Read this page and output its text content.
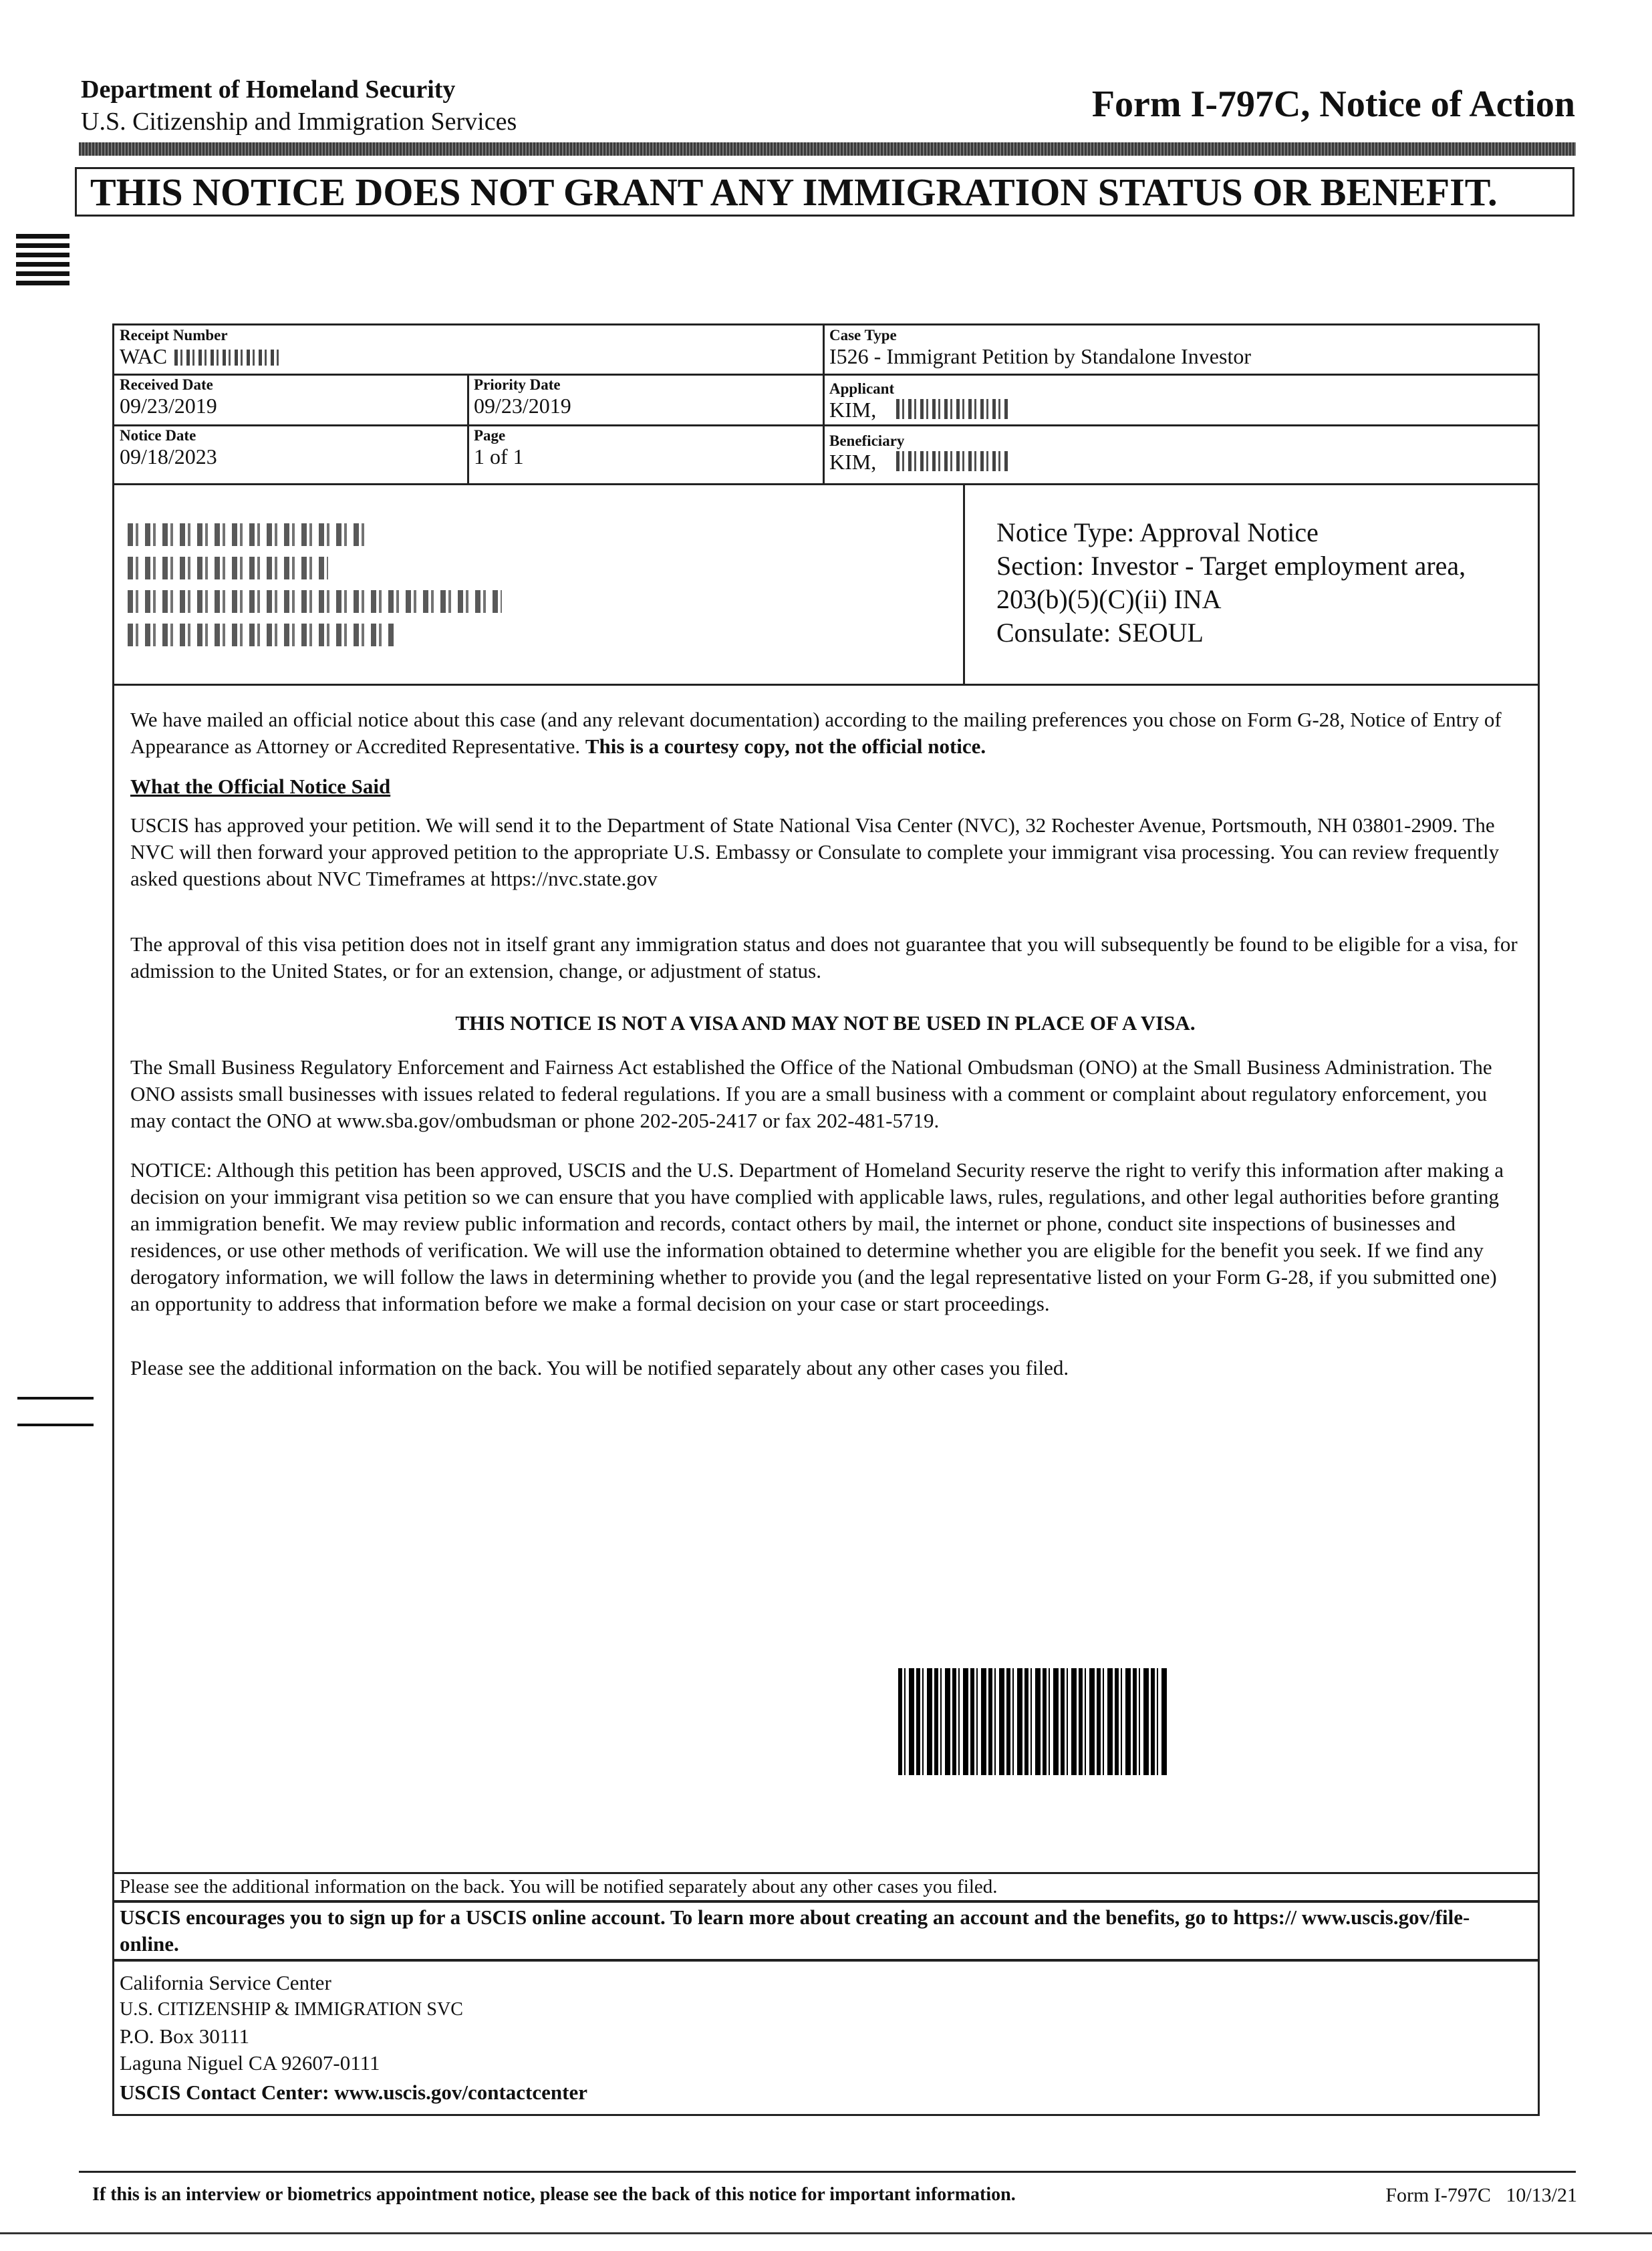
Department of Homeland Security
U.S. Citizenship and Immigration Services	Form I-797C, Notice of Action
THIS NOTICE DOES NOT GRANT ANY IMMIGRATION STATUS OR BENEFIT.
Receipt Number
WAC
Case Type
I526 - Immigrant Petition by Standalone Investor
Received Date
09/23/2019
Priority Date
09/23/2019
Applicant
KIM,
Notice Date
09/18/2023
Page
1 of 1
Beneficiary
KIM,
Notice Type: Approval Notice
Section: Investor - Target employment area,
203(b)(5)(C)(ii) INA
Consulate: SEOUL
We have mailed an official notice about this case (and any relevant documentation) according to the mailing preferences you chose on Form G-28, Notice of Entry of Appearance as Attorney or Accredited Representative. This is a courtesy copy, not the official notice.
What the Official Notice Said
USCIS has approved your petition. We will send it to the Department of State National Visa Center (NVC), 32 Rochester Avenue, Portsmouth, NH 03801-2909. The NVC will then forward your approved petition to the appropriate U.S. Embassy or Consulate to complete your immigrant visa processing. You can review frequently asked questions about NVC Timeframes at https://nvc.state.gov
The approval of this visa petition does not in itself grant any immigration status and does not guarantee that you will subsequently be found to be eligible for a visa, for admission to the United States, or for an extension, change, or adjustment of status.
THIS NOTICE IS NOT A VISA AND MAY NOT BE USED IN PLACE OF A VISA.
The Small Business Regulatory Enforcement and Fairness Act established the Office of the National Ombudsman (ONO) at the Small Business Administration. The ONO assists small businesses with issues related to federal regulations. If you are a small business with a comment or complaint about regulatory enforcement, you may contact the ONO at www.sba.gov/ombudsman or phone 202-205-2417 or fax 202-481-5719.
NOTICE: Although this petition has been approved, USCIS and the U.S. Department of Homeland Security reserve the right to verify this information after making a decision on your immigrant visa petition so we can ensure that you have complied with applicable laws, rules, regulations, and other legal authorities before granting an immigration benefit. We may review public information and records, contact others by mail, the internet or phone, conduct site inspections of businesses and residences, or use other methods of verification. We will use the information obtained to determine whether you are eligible for the benefit you seek. If we find any derogatory information, we will follow the laws in determining whether to provide you (and the legal representative listed on your Form G-28, if you submitted one) an opportunity to address that information before we make a formal decision on your case or start proceedings.
Please see the additional information on the back. You will be notified separately about any other cases you filed.
Please see the additional information on the back. You will be notified separately about any other cases you filed.
USCIS encourages you to sign up for a USCIS online account. To learn more about creating an account and the benefits, go to https:// www.uscis.gov/file-online.
California Service Center
U.S. CITIZENSHIP & IMMIGRATION SVC
P.O. Box 30111
Laguna Niguel CA 92607-0111
USCIS Contact Center: www.uscis.gov/contactcenter
If this is an interview or biometrics appointment notice, please see the back of this notice for important information.	Form I-797C   10/13/21
